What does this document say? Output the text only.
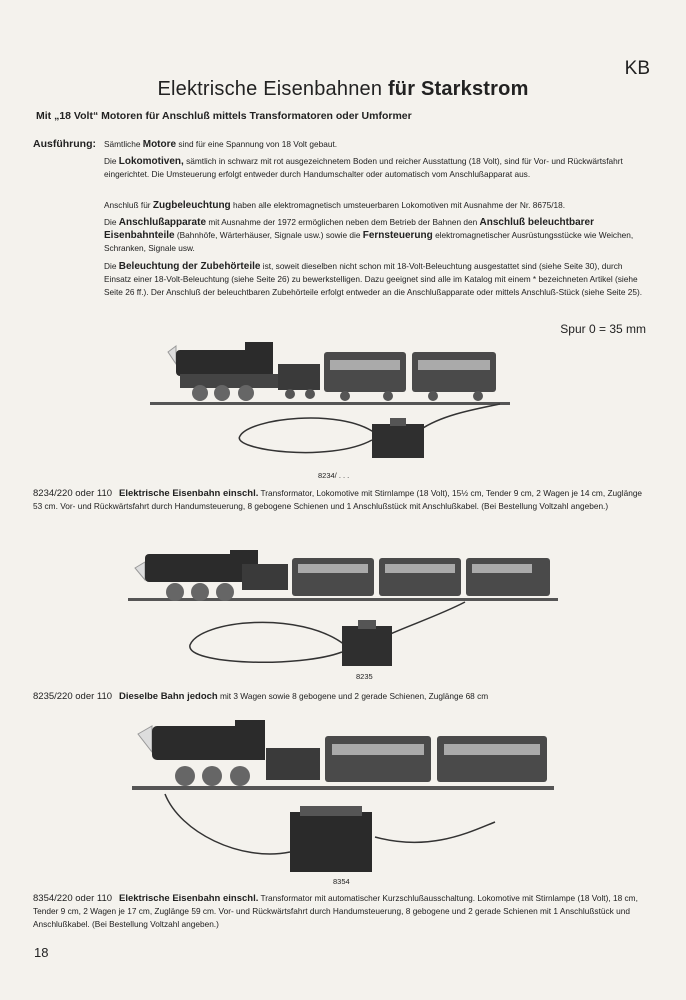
KB
Elektrische Eisenbahnen für Starkstrom
Mit „18 Volt“ Motoren für Anschluß mittels Transformatoren oder Umformer
Ausführung: Sämtliche Motore sind für eine Spannung von 18 Volt gebaut.
Die Lokomotiven, sämtlich in schwarz mit rot ausgezeichnetem Boden und reicher Ausstattung (18 Volt), sind für Vor- und Rückwärtsfahrt eingerichtet. Die Umsteuerung erfolgt entweder durch Handumschalter oder automatisch vom Anschlußapparat aus.
Anschluß für Zugbeleuchtung haben alle elektromagnetisch umsteuerbaren Lokomotiven mit Ausnahme der Nr. 8675/18.
Die Anschlußapparate mit Ausnahme der 1972 ermöglichen neben dem Betrieb der Bahnen den Anschluß beleuchtbarer Eisenbahnteile (Bahnhöfe, Wärterhäuser, Signale usw.) sowie die Fernsteuerung elektromagnetischer Ausrüstungsstücke wie Weichen, Schranken, Signale usw.
Die Beleuchtung der Zubehörteile ist, soweit dieselben nicht schon mit 18-Volt-Beleuchtung ausgestattet sind (siehe Seite 30), durch Einsatz einer 18-Volt-Beleuchtung (siehe Seite 26) zu bewerkstelligen. Dazu geeignet sind alle im Katalog mit einem * bezeichneten Artikel (siehe Seite 26 ff.). Der Anschluß der beleuchtbaren Zubehörteile erfolgt entweder an die Anschlußapparate oder mittels Anschluß-Stück (siehe Seite 25).
Spur 0 = 35 mm
8234/ . . .
8234/220 oder 110 Elektrische Eisenbahn einschl. Transformator, Lokomotive mit Stirnlampe (18 Volt), 15½ cm, Tender 9 cm, 2 Wagen je 14 cm, Zuglänge 53 cm. Vor- und Rückwärtsfahrt durch Handumsteuerung, 8 gebogene Schienen und 1 Anschlußstück mit Anschlußkabel. (Bei Bestellung Voltzahl angeben.)
8235
8235/220 oder 110 Dieselbe Bahn jedoch mit 3 Wagen sowie 8 gebogene und 2 gerade Schienen, Zuglänge 68 cm
8354
8354/220 oder 110 Elektrische Eisenbahn einschl. Transformator mit automatischer Kurzschlußausschaltung. Lokomotive mit Stirnlampe (18 Volt), 18 cm, Tender 9 cm, 2 Wagen je 17 cm, Zuglänge 59 cm. Vor- und Rückwärtsfahrt durch Handumsteuerung, 8 gebogene und 2 gerade Schienen mit 1 Anschlußstück und Anschlußkabel. (Bei Bestellung Voltzahl angeben.)
18
